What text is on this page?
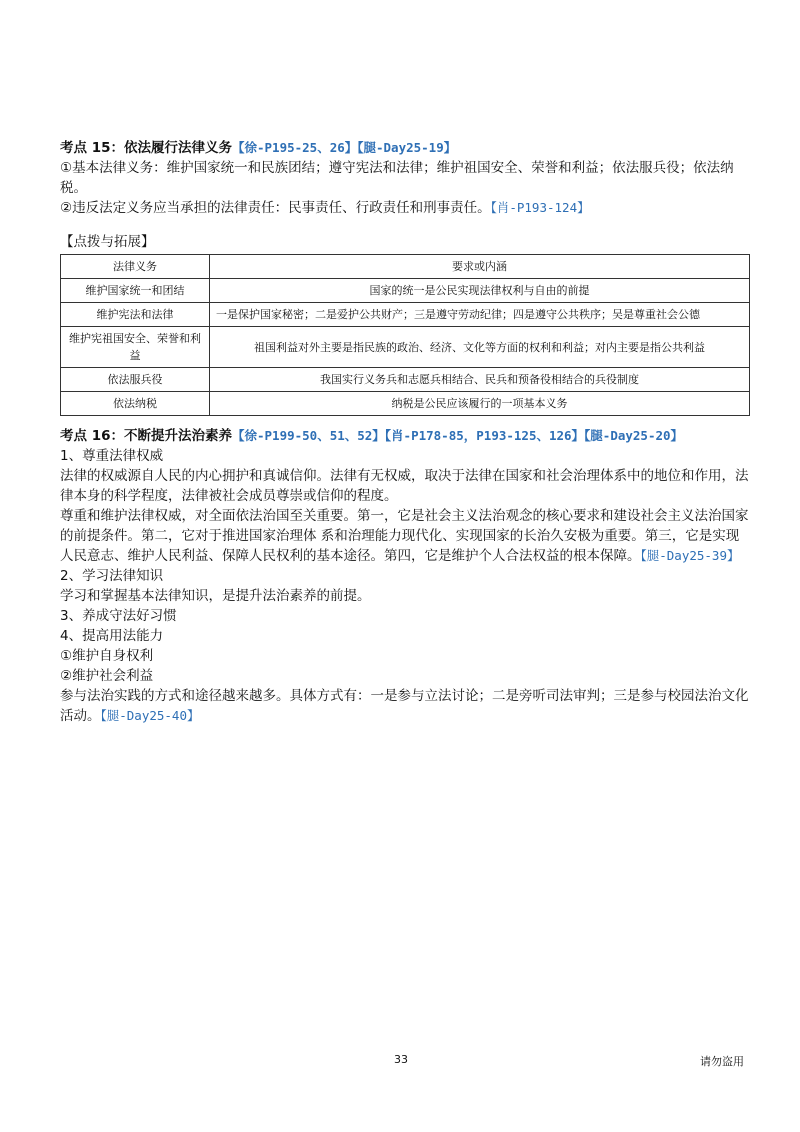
考点 15：依法履行法律义务【徐-P195-25、26】【腿-Day25-19】

①基本法律义务：维护国家统一和民族团结；遵守宪法和法律；维护祖国安全、荣誉和利益；依法服兵役；依法纳税。

②违反法定义务应当承担的法律责任：民事责任、行政责任和刑事责任。【肖-P193-124】

【点拨与拓展】

法律义务	要求或内涵
维护国家统一和团结	国家的统一是公民实现法律权利与自由的前提
维护宪法和法律	一是保护国家秘密；二是爱护公共财产；三是遵守劳动纪律；四是遵守公共秩序；吴是尊重社会公德
维护宪祖国安全、荣誉和利益	祖国利益对外主要是指民族的政治、经济、文化等方面的权利和利益；对内主要是指公共利益
依法服兵役	我国实行义务兵和志愿兵相结合、民兵和预备役相结合的兵役制度
依法纳税	纳税是公民应该履行的一项基本义务

考点 16：不断提升法治素养【徐-P199-50、51、52】【肖-P178-85，P193-125、126】【腿-Day25-20】

1、尊重法律权威

法律的权威源自人民的内心拥护和真诚信仰。法律有无权威，取决于法律在国家和社会治理体系中的地位和作用，法律本身的科学程度，法律被社会成员尊崇或信仰的程度。

尊重和维护法律权威，对全面依法治国至关重要。第一，它是社会主义法治观念的核心要求和建设社会主义法治国家的前提条件。第二，它对于推进国家治理体 系和治理能力现代化、实现国家的长治久安极为重要。第三，它是实现人民意志、维护人民利益、保障人民权利的基本途径。第四，它是维护个人合法权益的根本保障。【腿-Day25-39】

2、学习法律知识

学习和掌握基本法律知识，是提升法治素养的前提。

3、养成守法好习惯

4、提高用法能力

①维护自身权利

②维护社会利益

参与法治实践的方式和途径越来越多。具体方式有：一是参与立法讨论；二是旁听司法审判；三是参与校园法治文化活动。【腿-Day25-40】

33	请勿盗用
